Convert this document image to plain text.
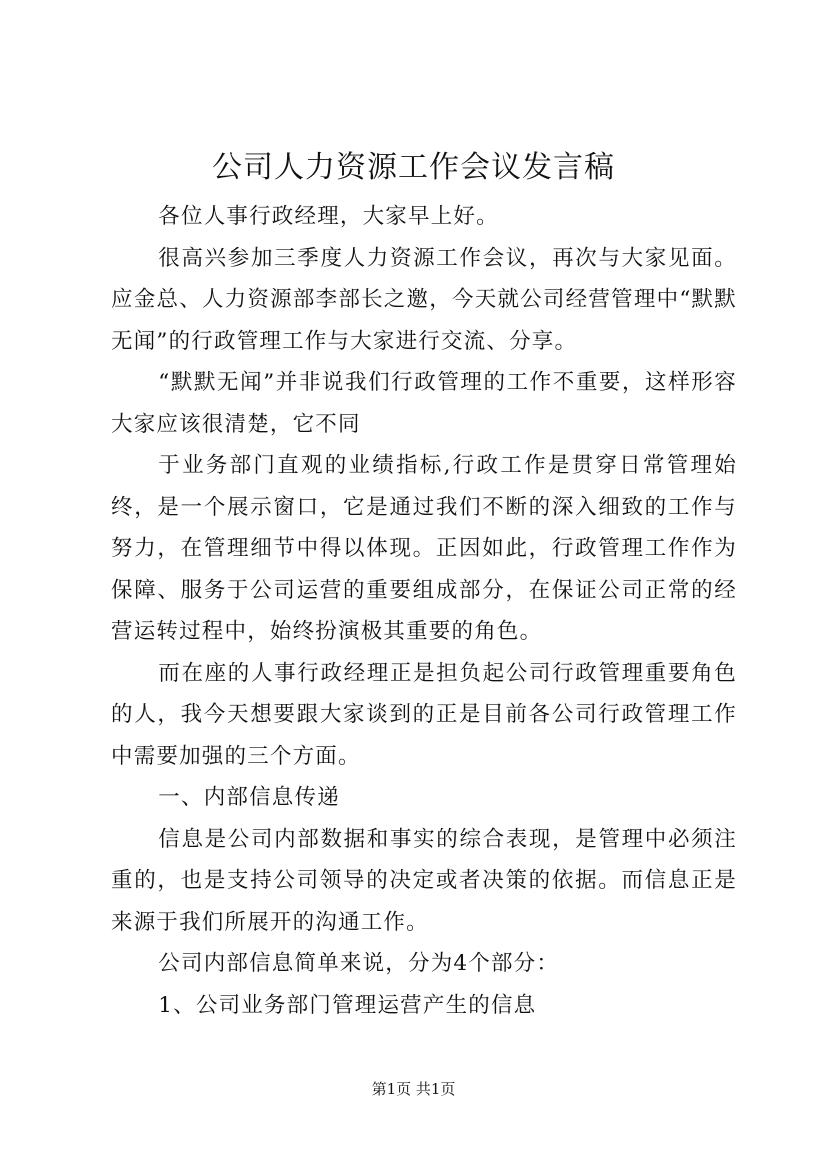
公司人力资源工作会议发言稿

各位人事行政经理，大家早上好。

很高兴参加三季度人力资源工作会议，再次与大家见面。应金总、人力资源部李部长之邀，今天就公司经营管理中“默默无闻”的行政管理工作与大家进行交流、分享。

“默默无闻”并非说我们行政管理的工作不重要，这样形容大家应该很清楚，它不同

于业务部门直观的业绩指标,行政工作是贯穿日常管理始终，是一个展示窗口，它是通过我们不断的深入细致的工作与努力，在管理细节中得以体现。正因如此，行政管理工作作为保障、服务于公司运营的重要组成部分，在保证公司正常的经营运转过程中，始终扮演极其重要的角色。

而在座的人事行政经理正是担负起公司行政管理重要角色的人，我今天想要跟大家谈到的正是目前各公司行政管理工作中需要加强的三个方面。

一、内部信息传递

信息是公司内部数据和事实的综合表现，是管理中必须注重的，也是支持公司领导的决定或者决策的依据。而信息正是来源于我们所展开的沟通工作。

公司内部信息简单来说，分为4个部分：

1、公司业务部门管理运营产生的信息

第1页 共1页
